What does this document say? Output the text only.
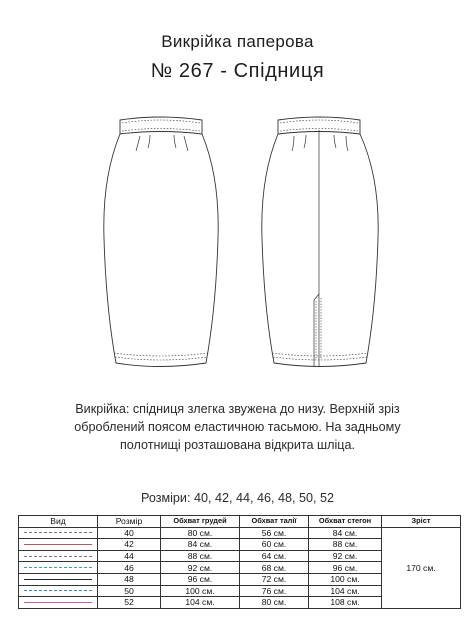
Викрійка паперова
№ 267 - Спідниця
Викрійка: спідниця злегка звужена до низу. Верхній зріз
оброблений поясом еластичною тасьмою. На задньому
полотнищі розташована відкрита шліца.
Розміри: 40, 42, 44, 46, 48, 50, 52
Вид	Розмір	Обхват грудей	Обхват талії	Обхват стегон	Зріст

	40	80 см.	56 см.	84 см.	170 см.

	42	84 см.	60 см.	88 см.	

	44	88 см.	64 см.	92 см.	

	46	92 см.	68 см.	96 см.	

	48	96 см.	72 см.	100 см.	

	50	100 см.	76 см.	104 см.	

	52	104 см.	80 см.	108 см.	
